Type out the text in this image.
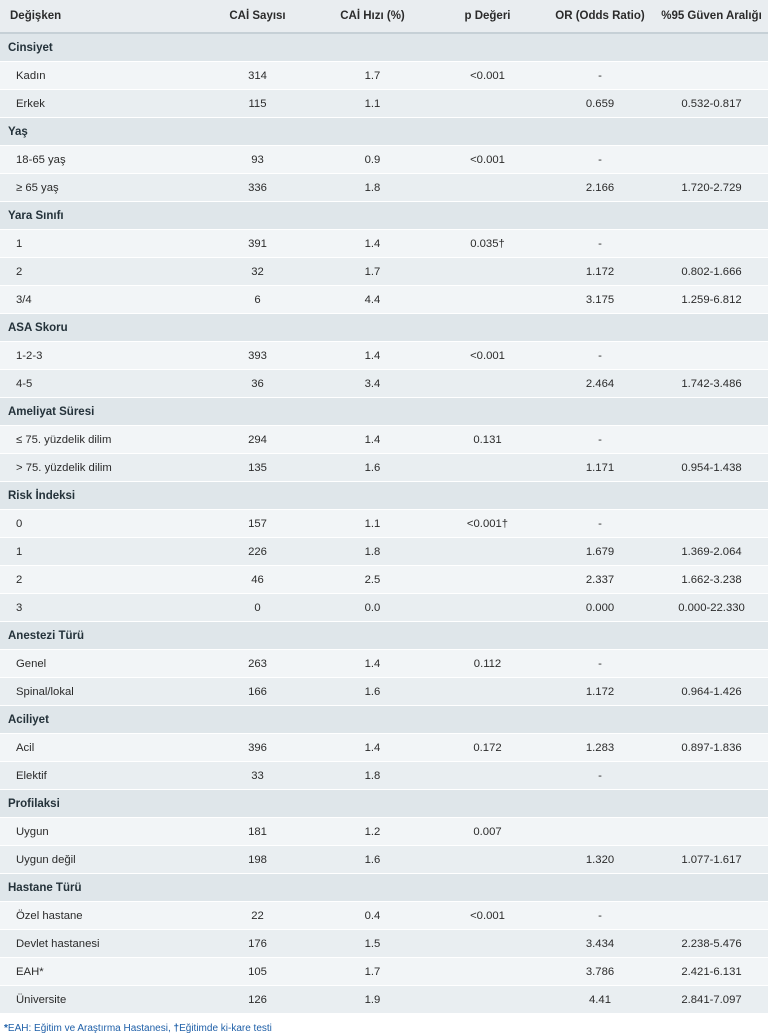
Değişken	CAİ Sayısı	CAİ Hızı (%)	p Değeri	OR (Odds Ratio)	%95 Güven Aralığı
Cinsiyet					
Kadın	314	1.7	<0.001	-	
Erkek	115	1.1		0.659	0.532-0.817
Yaş					
18-65 yaş	93	0.9	<0.001	-	
≥ 65 yaş	336	1.8		2.166	1.720-2.729
Yara Sınıfı					
1	391	1.4	0.035†	-	
2	32	1.7		1.172	0.802-1.666
3/4	6	4.4		3.175	1.259-6.812
ASA Skoru					
1-2-3	393	1.4	<0.001	-	
4-5	36	3.4		2.464	1.742-3.486
Ameliyat Süresi					
≤ 75. yüzdelik dilim	294	1.4	0.131	-	
> 75. yüzdelik dilim	135	1.6		1.171	0.954-1.438
Risk İndeksi					
0	157	1.1	<0.001†	-	
1	226	1.8		1.679	1.369-2.064
2	46	2.5		2.337	1.662-3.238
3	0	0.0		0.000	0.000-22.330
Anestezi Türü					
Genel	263	1.4	0.112	-	
Spinal/lokal	166	1.6		1.172	0.964-1.426
Aciliyet					
Acil	396	1.4	0.172	1.283	0.897-1.836
Elektif	33	1.8		-	
Profilaksi					
Uygun	181	1.2	0.007		
Uygun değil	198	1.6		1.320	1.077-1.617
Hastane Türü					
Özel hastane	22	0.4	<0.001	-	
Devlet hastanesi	176	1.5		3.434	2.238-5.476
EAH*	105	1.7		3.786	2.421-6.131
Üniversite	126	1.9		4.41	2.841-7.097
*EAH: Eğitim ve Araştırma Hastanesi, †Eğitimde ki-kare testi
